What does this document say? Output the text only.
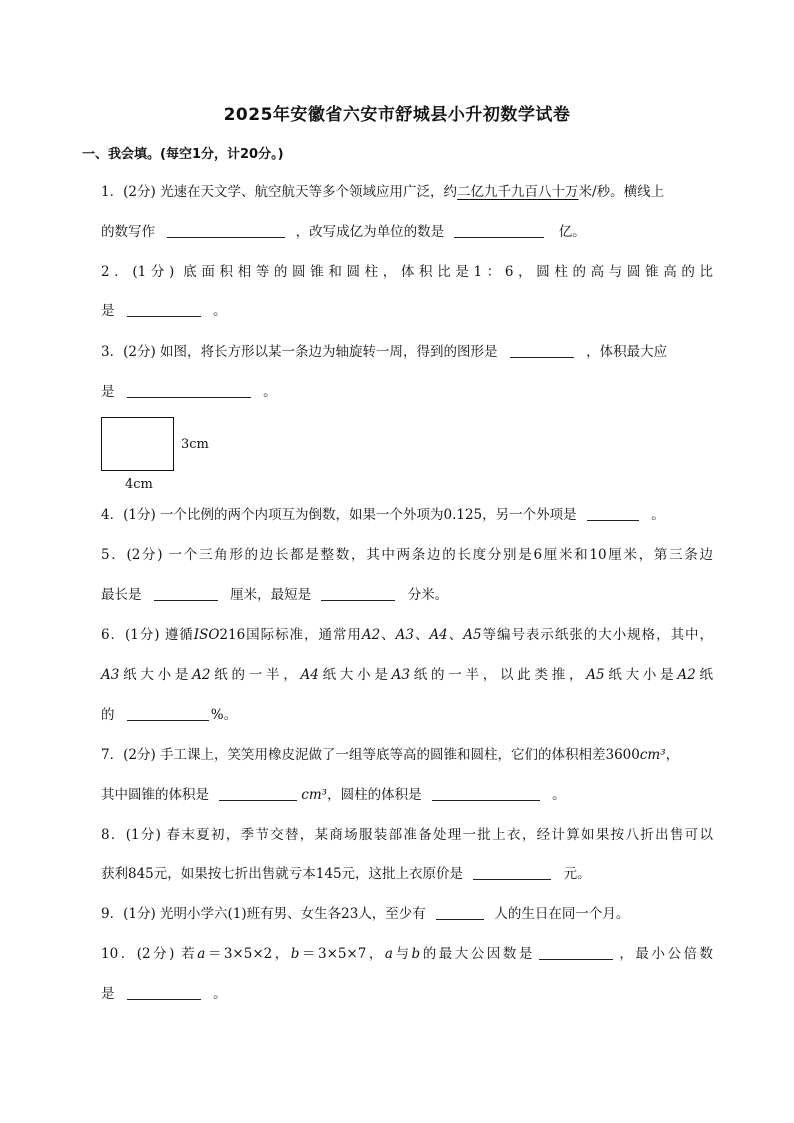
2025年安徽省六安市舒城县小升初数学试卷
一、我会填。(每空1分，计20分。)
1．(2分) 光速在天文学、航空航天等多个领域应用广泛，约二亿九千九百八十万米/秒。横线上
的数写作	，改写成亿为单位的数是	亿。
2．(1分) 底面积相等的圆锥和圆柱，体积比是1：6，圆柱的高与圆锥高的比
是	。
3．(2分) 如图，将长方形以某一条边为轴旋转一周，得到的图形是	，体积最大应
是	。
3cm
4cm
4．(1分) 一个比例的两个内项互为倒数，如果一个外项为0.125，另一个外项是	。
5．(2分) 一个三角形的边长都是整数，其中两条边的长度分别是6厘米和10厘米，第三条边
最长是	厘米，最短是	分米。
6．(1分) 遵循ISO216国际标准，通常用A2、A3、A4、A5等编号表示纸张的大小规格，其中，
A3纸大小是A2纸的一半，A4纸大小是A3纸的一半，以此类推，A5纸大小是A2纸
的	%。
7．(2分) 手工课上，笑笑用橡皮泥做了一组等底等高的圆锥和圆柱，它们的体积相差3600cm³，
其中圆锥的体积是	cm³，圆柱的体积是	。
8．(1分) 春末夏初，季节交替，某商场服装部准备处理一批上衣，经计算如果按八折出售可以
获利845元，如果按七折出售就亏本145元，这批上衣原价是	元。
9．(1分) 光明小学六(1)班有男、女生各23人，至少有	人的生日在同一个月。
10．(2分) 若a＝3×5×2，b＝3×5×7，a与b的最大公因数是	，最小公倍数
是	。
